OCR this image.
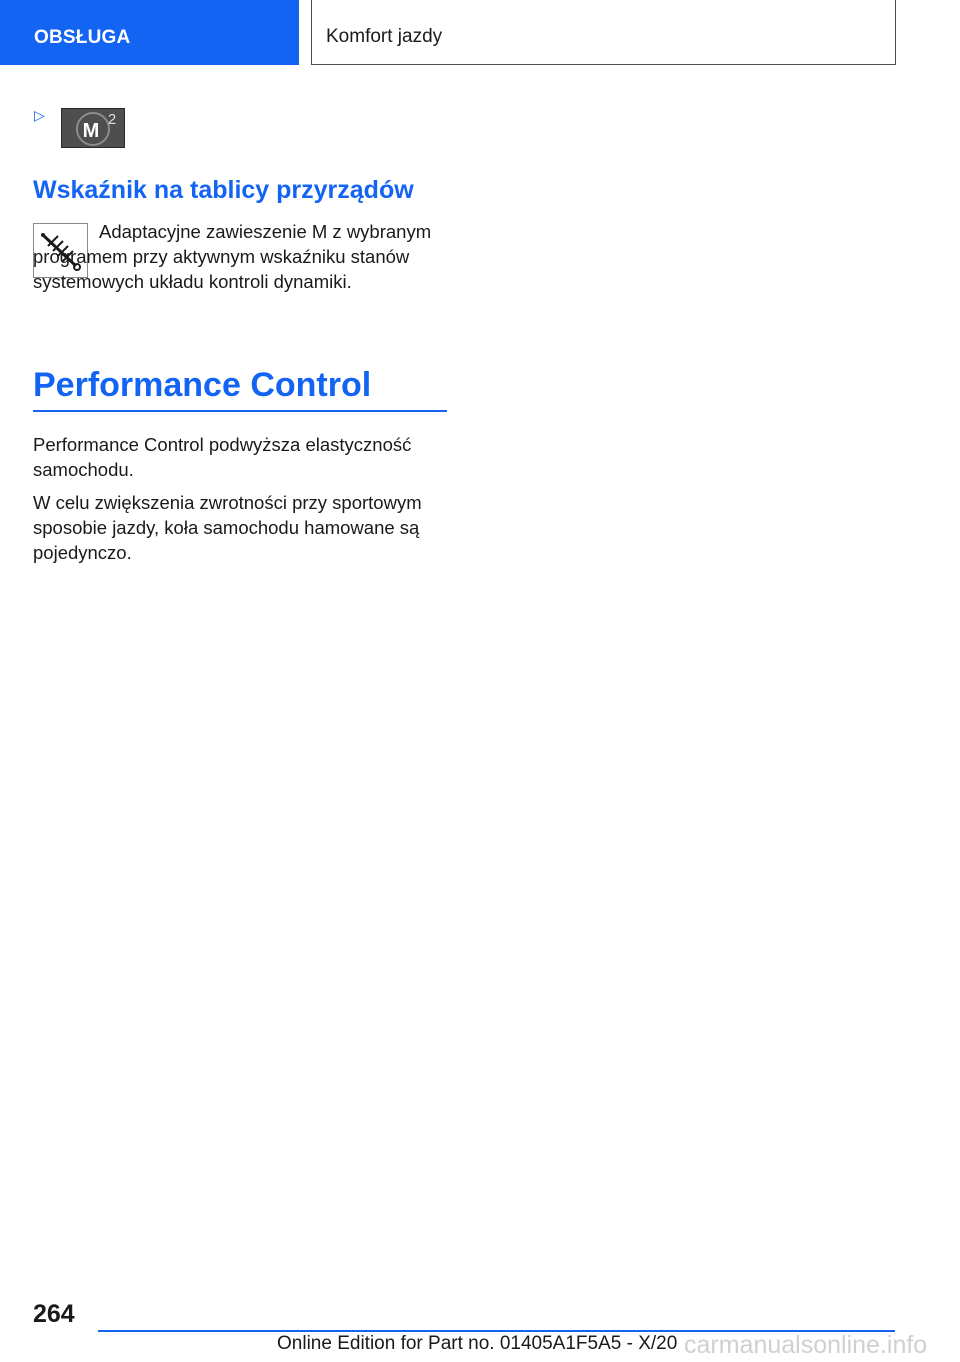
OBSŁUGA	Komfort jazdy
▷
M
2
Wskaźnik na tablicy przyrządów

Adaptacyjne zawieszenie M z wybranym programem przy aktywnym wskaźniku stanów systemowych układu kontroli dynamiki.

Performance Control

Performance Control podwyższa elastyczność samochodu.

W celu zwiększenia zwrotności przy sportowym sposobie jazdy, koła samochodu hamowane są pojedynczo.

264
Online Edition for Part no. 01405A1F5A5 - X/20 carmanualsonline.info
